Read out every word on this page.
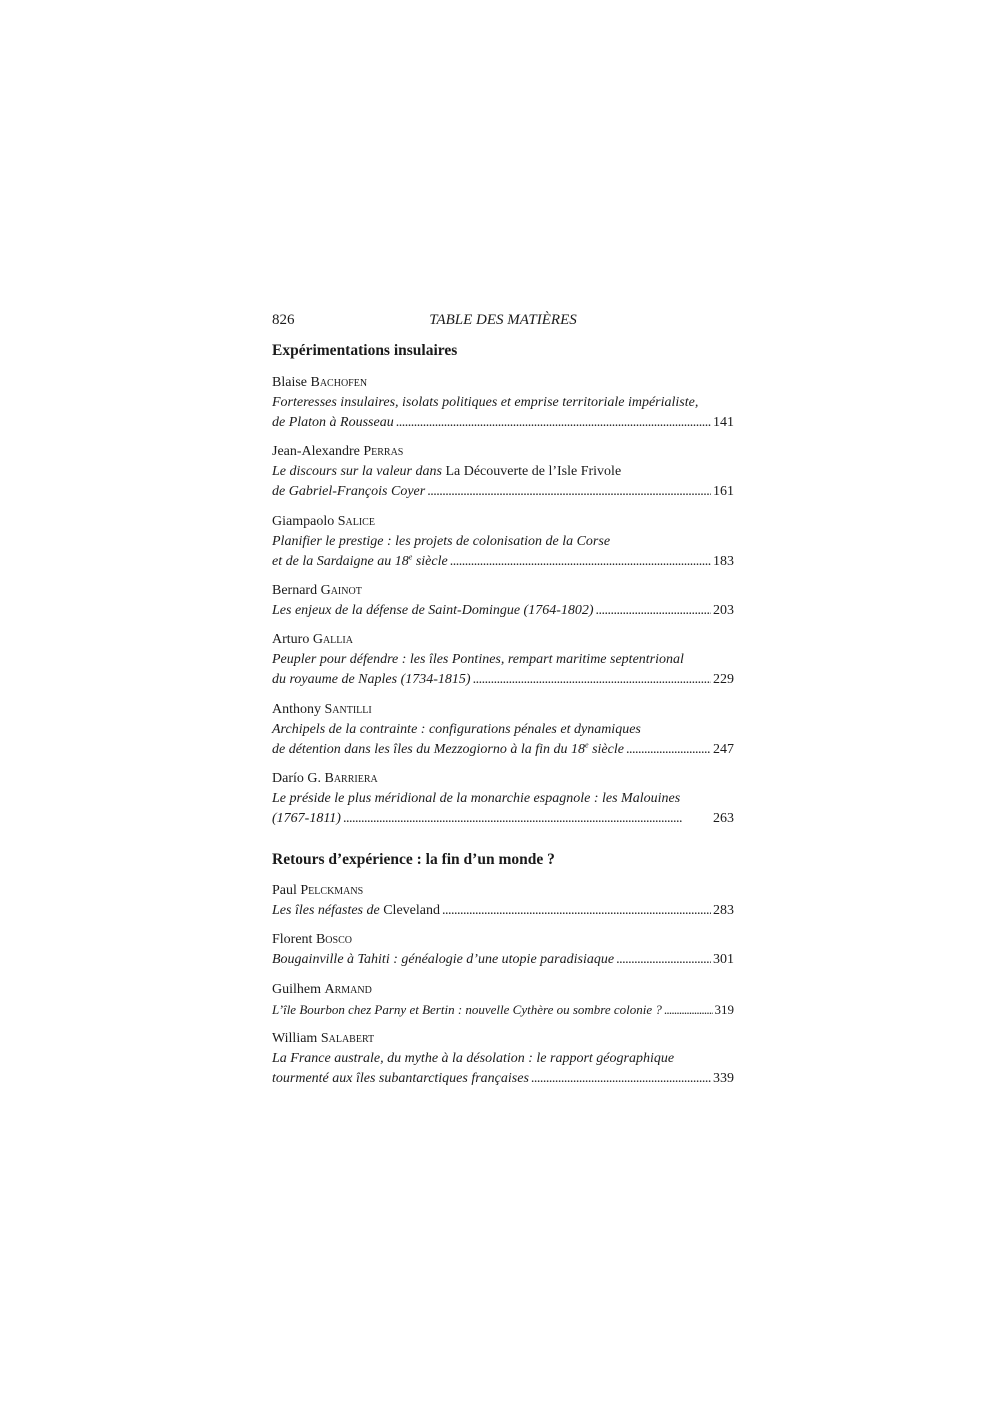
826	TABLE DES MATIÈRES
Expérimentations insulaires
Blaise Bachofen
Forteresses insulaires, isolats politiques et emprise territoriale impérialiste,
de Platon à Rousseau . . .	141
Jean-Alexandre Perras
Le discours sur la valeur dans La Découverte de l’Isle Frivole
de Gabriel-François Coyer . . .	161
Giampaolo Salice
Planifier le prestige : les projets de colonisation de la Corse
et de la Sardaigne au 18e siècle . . .	183
Bernard Gainot
Les enjeux de la défense de Saint-Domingue (1764-1802) . . .	203
Arturo Gallia
Peupler pour défendre : les îles Pontines, rempart maritime septentrional
du royaume de Naples (1734-1815) . . .	229
Anthony Santilli
Archipels de la contrainte : configurations pénales et dynamiques
de détention dans les îles du Mezzogiorno à la fin du 18e siècle . . .	247
Darío G. Barriera
Le préside le plus méridional de la monarchie espagnole : les Malouines
(1767-1811) . . .	263
Retours d’expérience : la fin d’un monde ?
Paul Pelckmans
Les îles néfastes de Cleveland . . .	283
Florent Bosco
Bougainville à Tahiti : généalogie d’une utopie paradisiaque . . .	301
Guilhem Armand
L’île Bourbon chez Parny et Bertin : nouvelle Cythère ou sombre colonie ? . . .	319
William Salabert
La France australe, du mythe à la désolation : le rapport géographique
tourmenté aux îles subantarctiques françaises . . .	339
